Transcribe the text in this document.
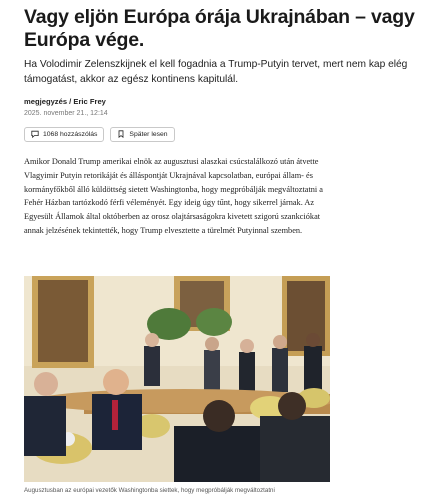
Vagy eljön Európa órája Ukrajnában – vagy Európa vége.

Ha Volodimir Zelenszkijnek el kell fogadnia a Trump-Putyin tervet, mert nem kap elég támogatást, akkor az egész kontinens kapitulál.

megjegyzés / Eric Frey
2025. november 21., 12:14
1068 hozzászólás	Später lesen

Amikor Donald Trump amerikai elnök az augusztusi alaszkai csúcstalálkozó után átvette Vlagyimir Putyin retorikáját és álláspontját Ukrajnával kapcsolatban, európai állam- és kormányfőkből álló küldöttség sietett Washingtonba, hogy megpróbálják megváltoztatni a Fehér Házban tartózkodó férfi véleményét. Egy ideig úgy tűnt, hogy sikerrel járnak. Az Egyesült Államok által októberben az orosz olajtársaságokra kivetett szigorú szankciókat annak jelzésének tekintették, hogy Trump elvesztette a türelmét Putyinnal szemben.

Augusztusban az európai vezetők Washingtonba siettek, hogy megpróbálják megváltoztatni
